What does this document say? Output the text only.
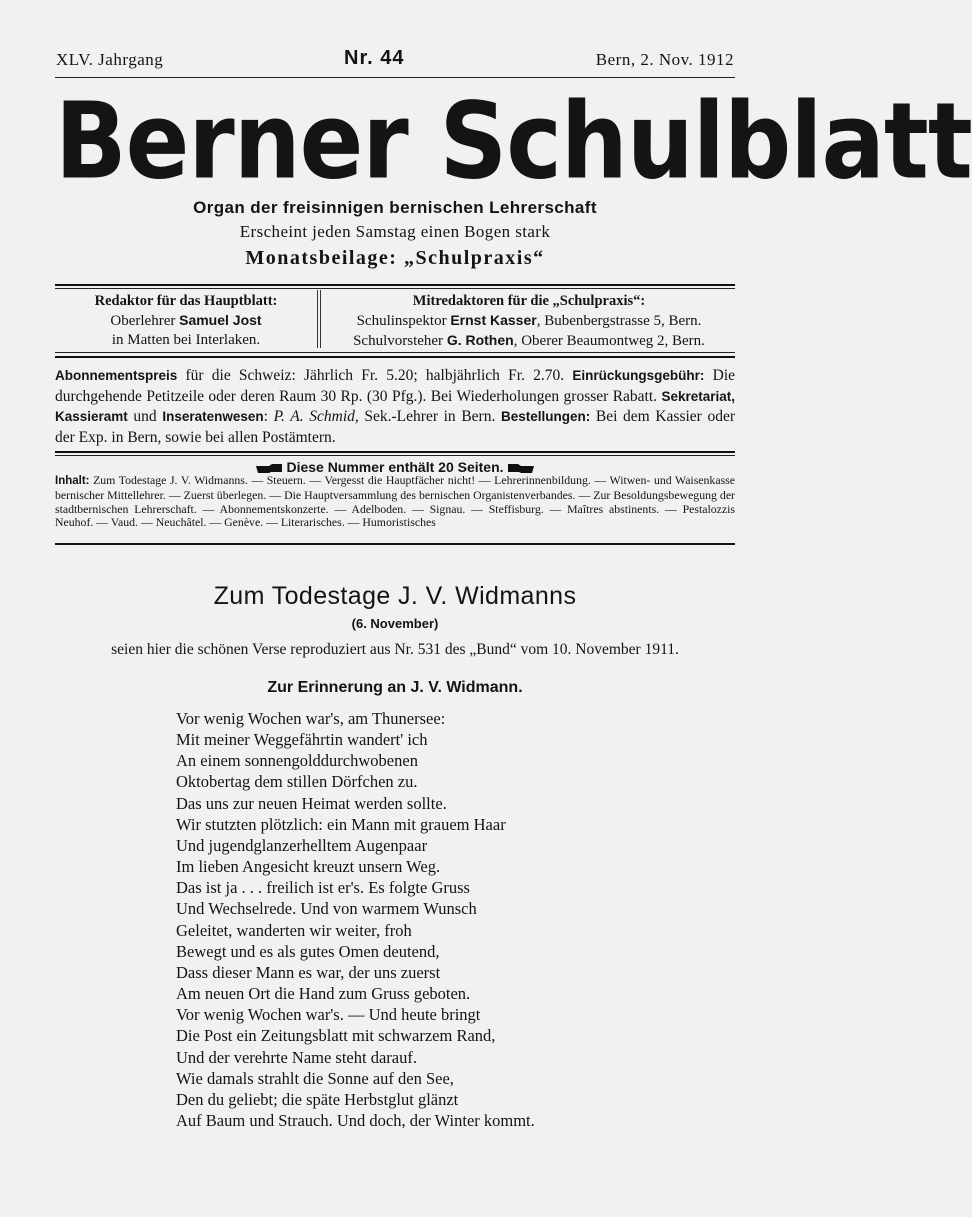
XLV. Jahrgang	Nr. 44	Bern, 2. Nov. 1912
Berner Schulblatt
Organ der freisinnigen bernischen Lehrerschaft
Erscheint jeden Samstag einen Bogen stark
Monatsbeilage: „Schulpraxis“
Redaktor für das Hauptblatt:
Oberlehrer Samuel Jost
in Matten bei Interlaken.
Mitredaktoren für die „Schulpraxis“:
Schulinspektor Ernst Kasser, Bubenbergstrasse 5, Bern.
Schulvorsteher G. Rothen, Oberer Beaumontweg 2, Bern.
Abonnementspreis für die Schweiz: Jährlich Fr. 5.20; halbjährlich Fr. 2.70. Einrückungsgebühr: Die durchgehende Petitzeile oder deren Raum 30 Rp. (30 Pfg.). Bei Wiederholungen grosser Rabatt. Sekretariat, Kassieramt und Inseratenwesen: P. A. Schmid, Sek.-Lehrer in Bern. Bestellungen: Bei dem Kassier oder der Exp. in Bern, sowie bei allen Postämtern.
Diese Nummer enthält 20 Seiten.
Inhalt: Zum Todestage J. V. Widmanns. — Steuern. — Vergesst die Hauptfächer nicht! — Lehrerinnenbildung. — Witwen- und Waisenkasse bernischer Mittellehrer. — Zuerst überlegen. — Die Hauptversammlung des bernischen Organistenverbandes. — Zur Besoldungsbewegung der stadtbernischen Lehrerschaft. — Abonnementskonzerte. — Adelboden. — Signau. — Steffisburg. — Maîtres abstinents. — Pestalozzis Neuhof. — Vaud. — Neuchâtel. — Genève. — Literarisches. — Humoristisches
Zum Todestage J. V. Widmanns
(6. November)
seien hier die schönen Verse reproduziert aus Nr. 531 des „Bund“ vom 10. November 1911.
Zur Erinnerung an J. V. Widmann.
Vor wenig Wochen war's, am Thunersee:
Mit meiner Weggefährtin wandert' ich
An einem sonnengolddurchwobenen
Oktobertag dem stillen Dörfchen zu.
Das uns zur neuen Heimat werden sollte.
Wir stutzten plötzlich: ein Mann mit grauem Haar
Und jugendglanzerhelltem Augenpaar
Im lieben Angesicht kreuzt unsern Weg.
Das ist ja . . . freilich ist er's. Es folgte Gruss
Und Wechselrede. Und von warmem Wunsch
Geleitet, wanderten wir weiter, froh
Bewegt und es als gutes Omen deutend,
Dass dieser Mann es war, der uns zuerst
Am neuen Ort die Hand zum Gruss geboten.
Vor wenig Wochen war's. — Und heute bringt
Die Post ein Zeitungsblatt mit schwarzem Rand,
Und der verehrte Name steht darauf.
Wie damals strahlt die Sonne auf den See,
Den du geliebt; die späte Herbstglut glänzt
Auf Baum und Strauch. Und doch, der Winter kommt.
